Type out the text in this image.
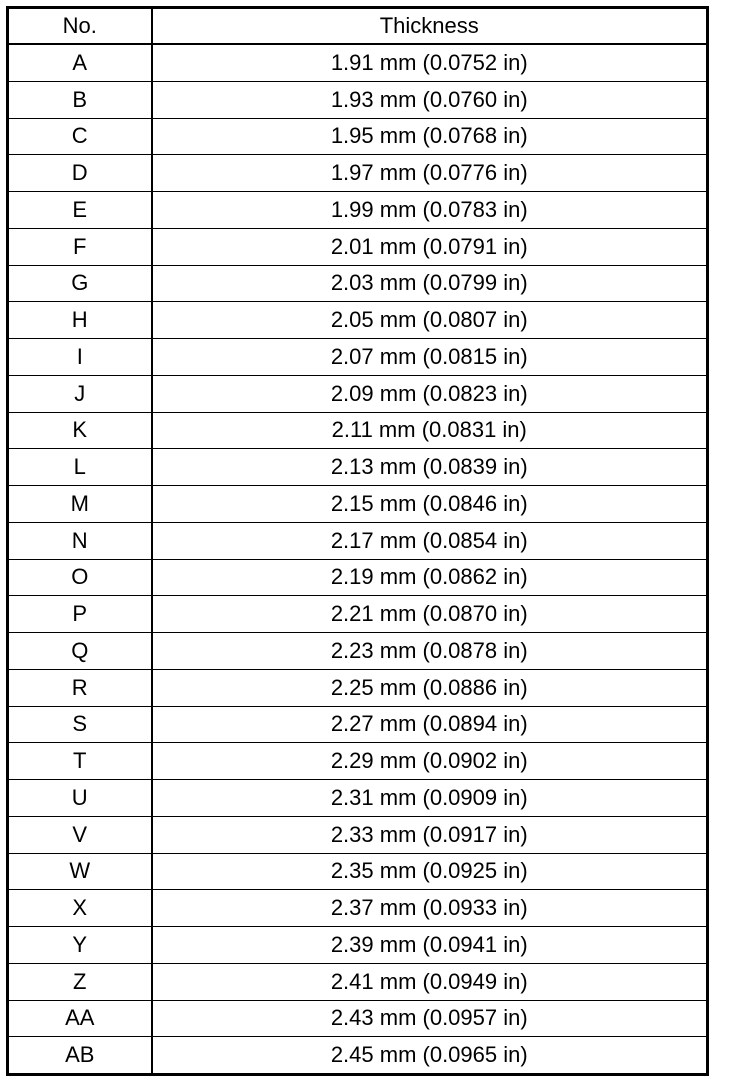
No.	Thickness
A	1.91 mm (0.0752 in)
B	1.93 mm (0.0760 in)
C	1.95 mm (0.0768 in)
D	1.97 mm (0.0776 in)
E	1.99 mm (0.0783 in)
F	2.01 mm (0.0791 in)
G	2.03 mm (0.0799 in)
H	2.05 mm (0.0807 in)
I	2.07 mm (0.0815 in)
J	2.09 mm (0.0823 in)
K	2.11 mm (0.0831 in)
L	2.13 mm (0.0839 in)
M	2.15 mm (0.0846 in)
N	2.17 mm (0.0854 in)
O	2.19 mm (0.0862 in)
P	2.21 mm (0.0870 in)
Q	2.23 mm (0.0878 in)
R	2.25 mm (0.0886 in)
S	2.27 mm (0.0894 in)
T	2.29 mm (0.0902 in)
U	2.31 mm (0.0909 in)
V	2.33 mm (0.0917 in)
W	2.35 mm (0.0925 in)
X	2.37 mm (0.0933 in)
Y	2.39 mm (0.0941 in)
Z	2.41 mm (0.0949 in)
AA	2.43 mm (0.0957 in)
AB	2.45 mm (0.0965 in)
